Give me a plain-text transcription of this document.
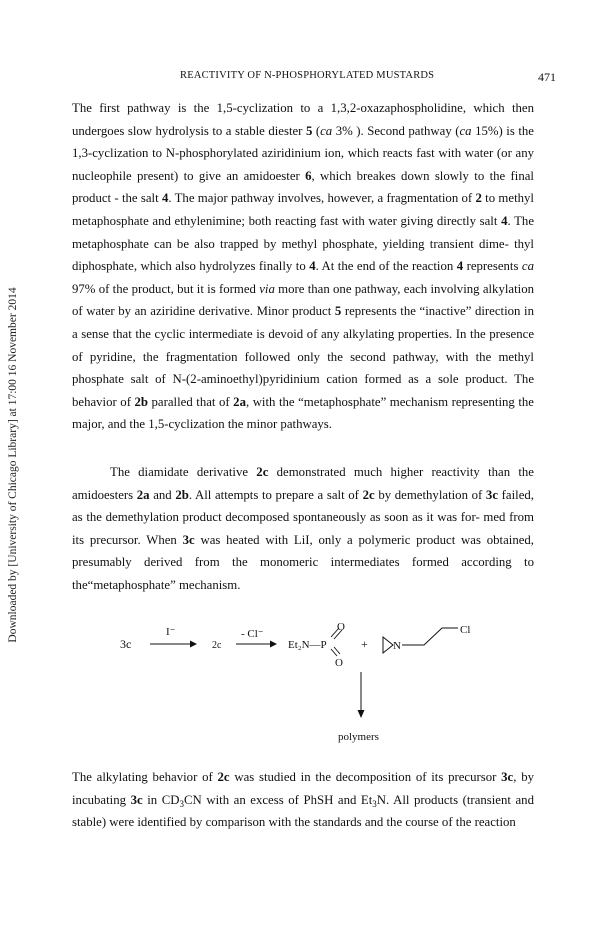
Downloaded by [University of Chicago Library] at 17:00 16 November 2014
REACTIVITY OF N-PHOSPHORYLATED MUSTARDS	471

The first pathway is the 1,5-cyclization to a 1,3,2-oxazaphospholidine, which then undergoes slow hydrolysis to a stable diester 5 (ca 3% ). Second pathway (ca 15%) is the 1,3-cyclization to N-phosphorylated aziridinium ion, which reacts fast with water (or any nucleophile present) to give an amidoester 6, which breakes down slowly to the final product - the salt 4. The major pathway involves, however, a fragmentation of 2 to methyl metaphosphate and ethylenimine; both reacting fast with water giving directly salt 4. The metaphosphate can be also trapped by methyl phosphate, yielding transient dime- thyl diphosphate, which also hydrolyzes finally to 4. At the end of the reaction 4 represents ca 97% of the product, but it is formed via more than one pathway, each involving alkylation of water by an aziridine derivative. Minor product 5 represents the “inactive” direction in a sense that the cyclic intermediate is devoid of any alkylating properties. In the presence of pyridine, the fragmentation followed only the second pathway, with the methyl phosphate salt of N-(2-aminoethyl)pyridinium cation formed as a sole product. The behavior of 2b paralled that of 2a, with the “metaphosphate” mechanism representing the major, and the 1,5-cyclization the minor pathways.

The diamidate derivative 2c demonstrated much higher reactivity than the amidoesters 2a and 2b. All attempts to prepare a salt of 2c by demethylation of 3c failed, as the demethylation product decomposed spontaneously as soon as it was for- med from its precursor. When 3c was heated with LiI, only a polymeric product was obtained, presumably derived from the monomeric intermediates formed according to the“metaphosphate” mechanism.

3c
I⁻
2c
- Cl⁻
Et₂N—P
O
O
+ N
Cl
polymers

The alkylating behavior of 2c was studied in the decomposition of its precursor 3c, by incubating 3c in $CD_3CN$ with an excess of PhSH and $Et_3N$. All products (transient and stable) were identified by comparison with the standards and the course of the reaction
